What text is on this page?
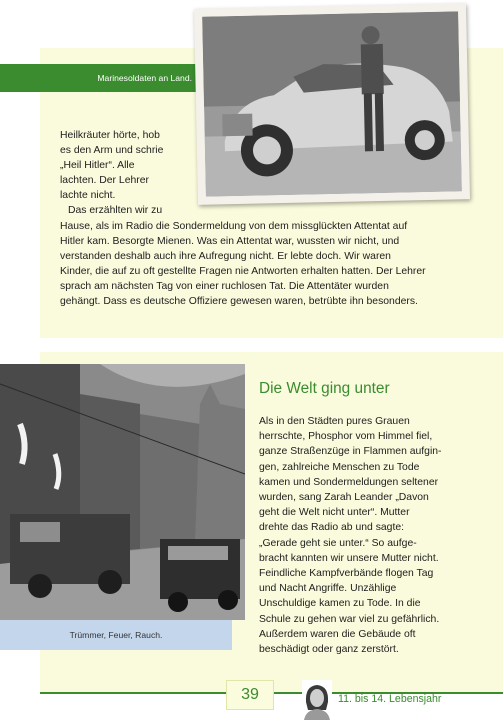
Marinesoldaten an Land.
Heilkräuter hörte, hob
es den Arm und schrie
„Heil Hitler“. Alle
lachten. Der Lehrer
lachte nicht.
Das erzählten wir zu
Hause, als im Radio die Sondermeldung von dem missglückten Attentat auf
Hitler kam. Besorgte Mienen. Was ein Attentat war, wussten wir nicht, und
verstanden deshalb auch ihre Aufregung nicht. Er lebte doch. Wir waren
Kinder, die auf zu oft gestellte Fragen nie Antworten erhalten hatten. Der Lehrer
sprach am nächsten Tag von einer ruchlosen Tat. Die Attentäter wurden
gehängt. Dass es deutsche Offiziere gewesen waren, betrübte ihn besonders.
Trümmer, Feuer, Rauch.
Die Welt ging unter
Als in den Städten pures Grauen
herrschte, Phosphor vom Himmel fiel,
ganze Straßenzüge in Flammen aufgin-
gen, zahlreiche Menschen zu Tode
kamen und Sondermeldungen seltener
wurden, sang Zarah Leander „Davon
geht die Welt nicht unter“. Mutter
drehte das Radio ab und sagte:
„Gerade geht sie unter.“ So aufge-
bracht kannten wir unsere Mutter nicht.
Feindliche Kampfverbände flogen Tag
und Nacht Angriffe. Unzählige
Unschuldige kamen zu Tode. In die
Schule zu gehen war viel zu gefährlich.
Außerdem waren die Gebäude oft
beschädigt oder ganz zerstört.
39	11. bis 14. Lebensjahr
